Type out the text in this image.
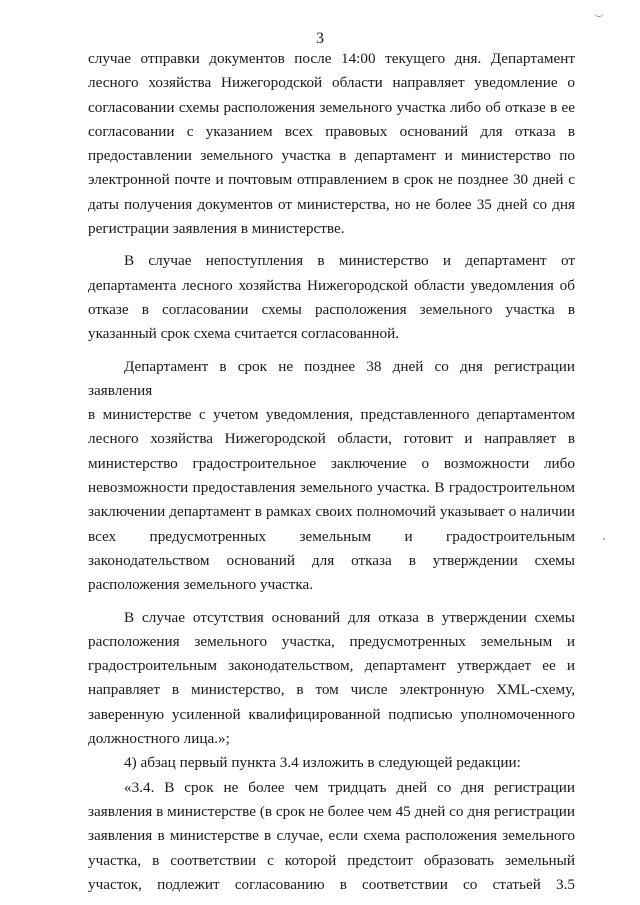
3

случае отправки документов после 14:00 текущего дня. Департамент

лесного хозяйства Нижегородской области направляет уведомление о

согласовании схемы расположения земельного участка либо об отказе в ее

согласовании с указанием всех правовых оснований для отказа в

предоставлении земельного участка в департамент и министерство по

электронной почте и почтовым отправлением в срок не позднее 30 дней с

даты получения документов от министерства, но не более 35 дней со дня

регистрации заявления в министерстве.

В случае непоступления в министерство и департамент от

департамента лесного хозяйства Нижегородской области уведомления об

отказе в согласовании схемы расположения земельного участка в

указанный срок схема считается согласованной.

Департамент в срок не позднее 38 дней со дня регистрации заявления

в министерстве с учетом уведомления, представленного департаментом

лесного хозяйства Нижегородской области, готовит и направляет в

министерство градостроительное заключение о возможности либо

невозможности предоставления земельного участка. В градостроительном

заключении департамент в рамках своих полномочий указывает о наличии

всех предусмотренных земельным и градостроительным

законодательством оснований для отказа в утверждении схемы

расположения земельного участка.

В случае отсутствия оснований для отказа в утверждении схемы

расположения земельного участка, предусмотренных земельным и

градостроительным законодательством, департамент утверждает ее и

направляет в министерство, в том числе электронную XML-схему,

заверенную усиленной квалифицированной подписью уполномоченного

должностного лица.»;

4) абзац первый пункта 3.4 изложить в следующей редакции:

«3.4. В срок не более чем тридцать дней со дня регистрации

заявления в министерстве (в срок не более чем 45 дней со дня регистрации

заявления в министерстве в случае, если схема расположения земельного

участка, в соответствии с которой предстоит образовать земельный

участок, подлежит согласованию в соответствии со статьей 3.5
